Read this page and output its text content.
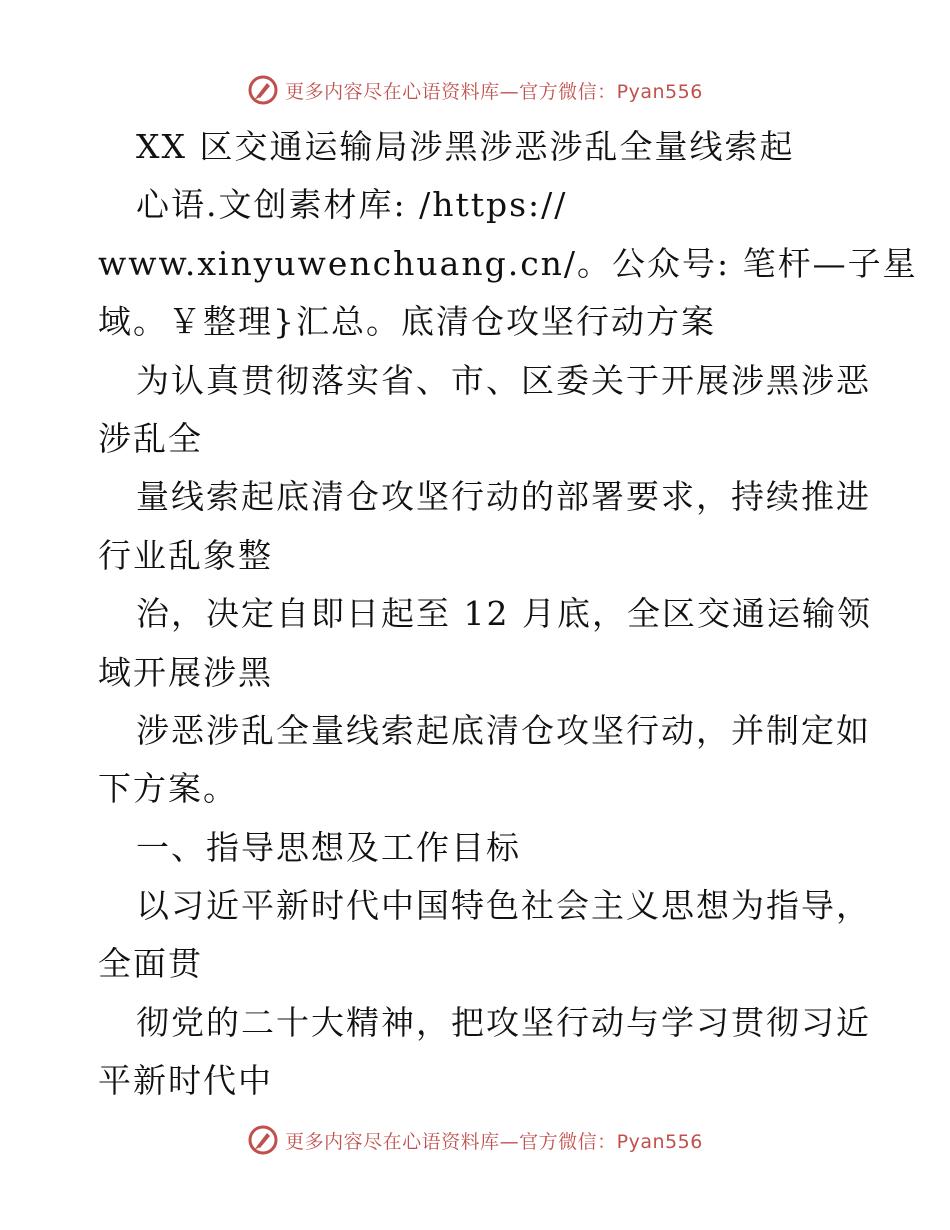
更多内容尽在心语资料库—官方微信：Pyan556
XX 区交通运输局涉黑涉恶涉乱全量线索起
心语.文创素材库: /https://
www.xinyuwenchuang.cn/。公众号: 笔杆—子星
域。￥整理}汇总。底清仓攻坚行动方案
为认真贯彻落实省、市、区委关于开展涉黑涉恶
涉乱全
量线索起底清仓攻坚行动的部署要求，持续推进
行业乱象整
治，决定自即日起至 12 月底，全区交通运输领
域开展涉黑
涉恶涉乱全量线索起底清仓攻坚行动，并制定如
下方案。
一、指导思想及工作目标
以习近平新时代中国特色社会主义思想为指导，
全面贯
彻党的二十大精神，把攻坚行动与学习贯彻习近
平新时代中
更多内容尽在心语资料库—官方微信：Pyan556
